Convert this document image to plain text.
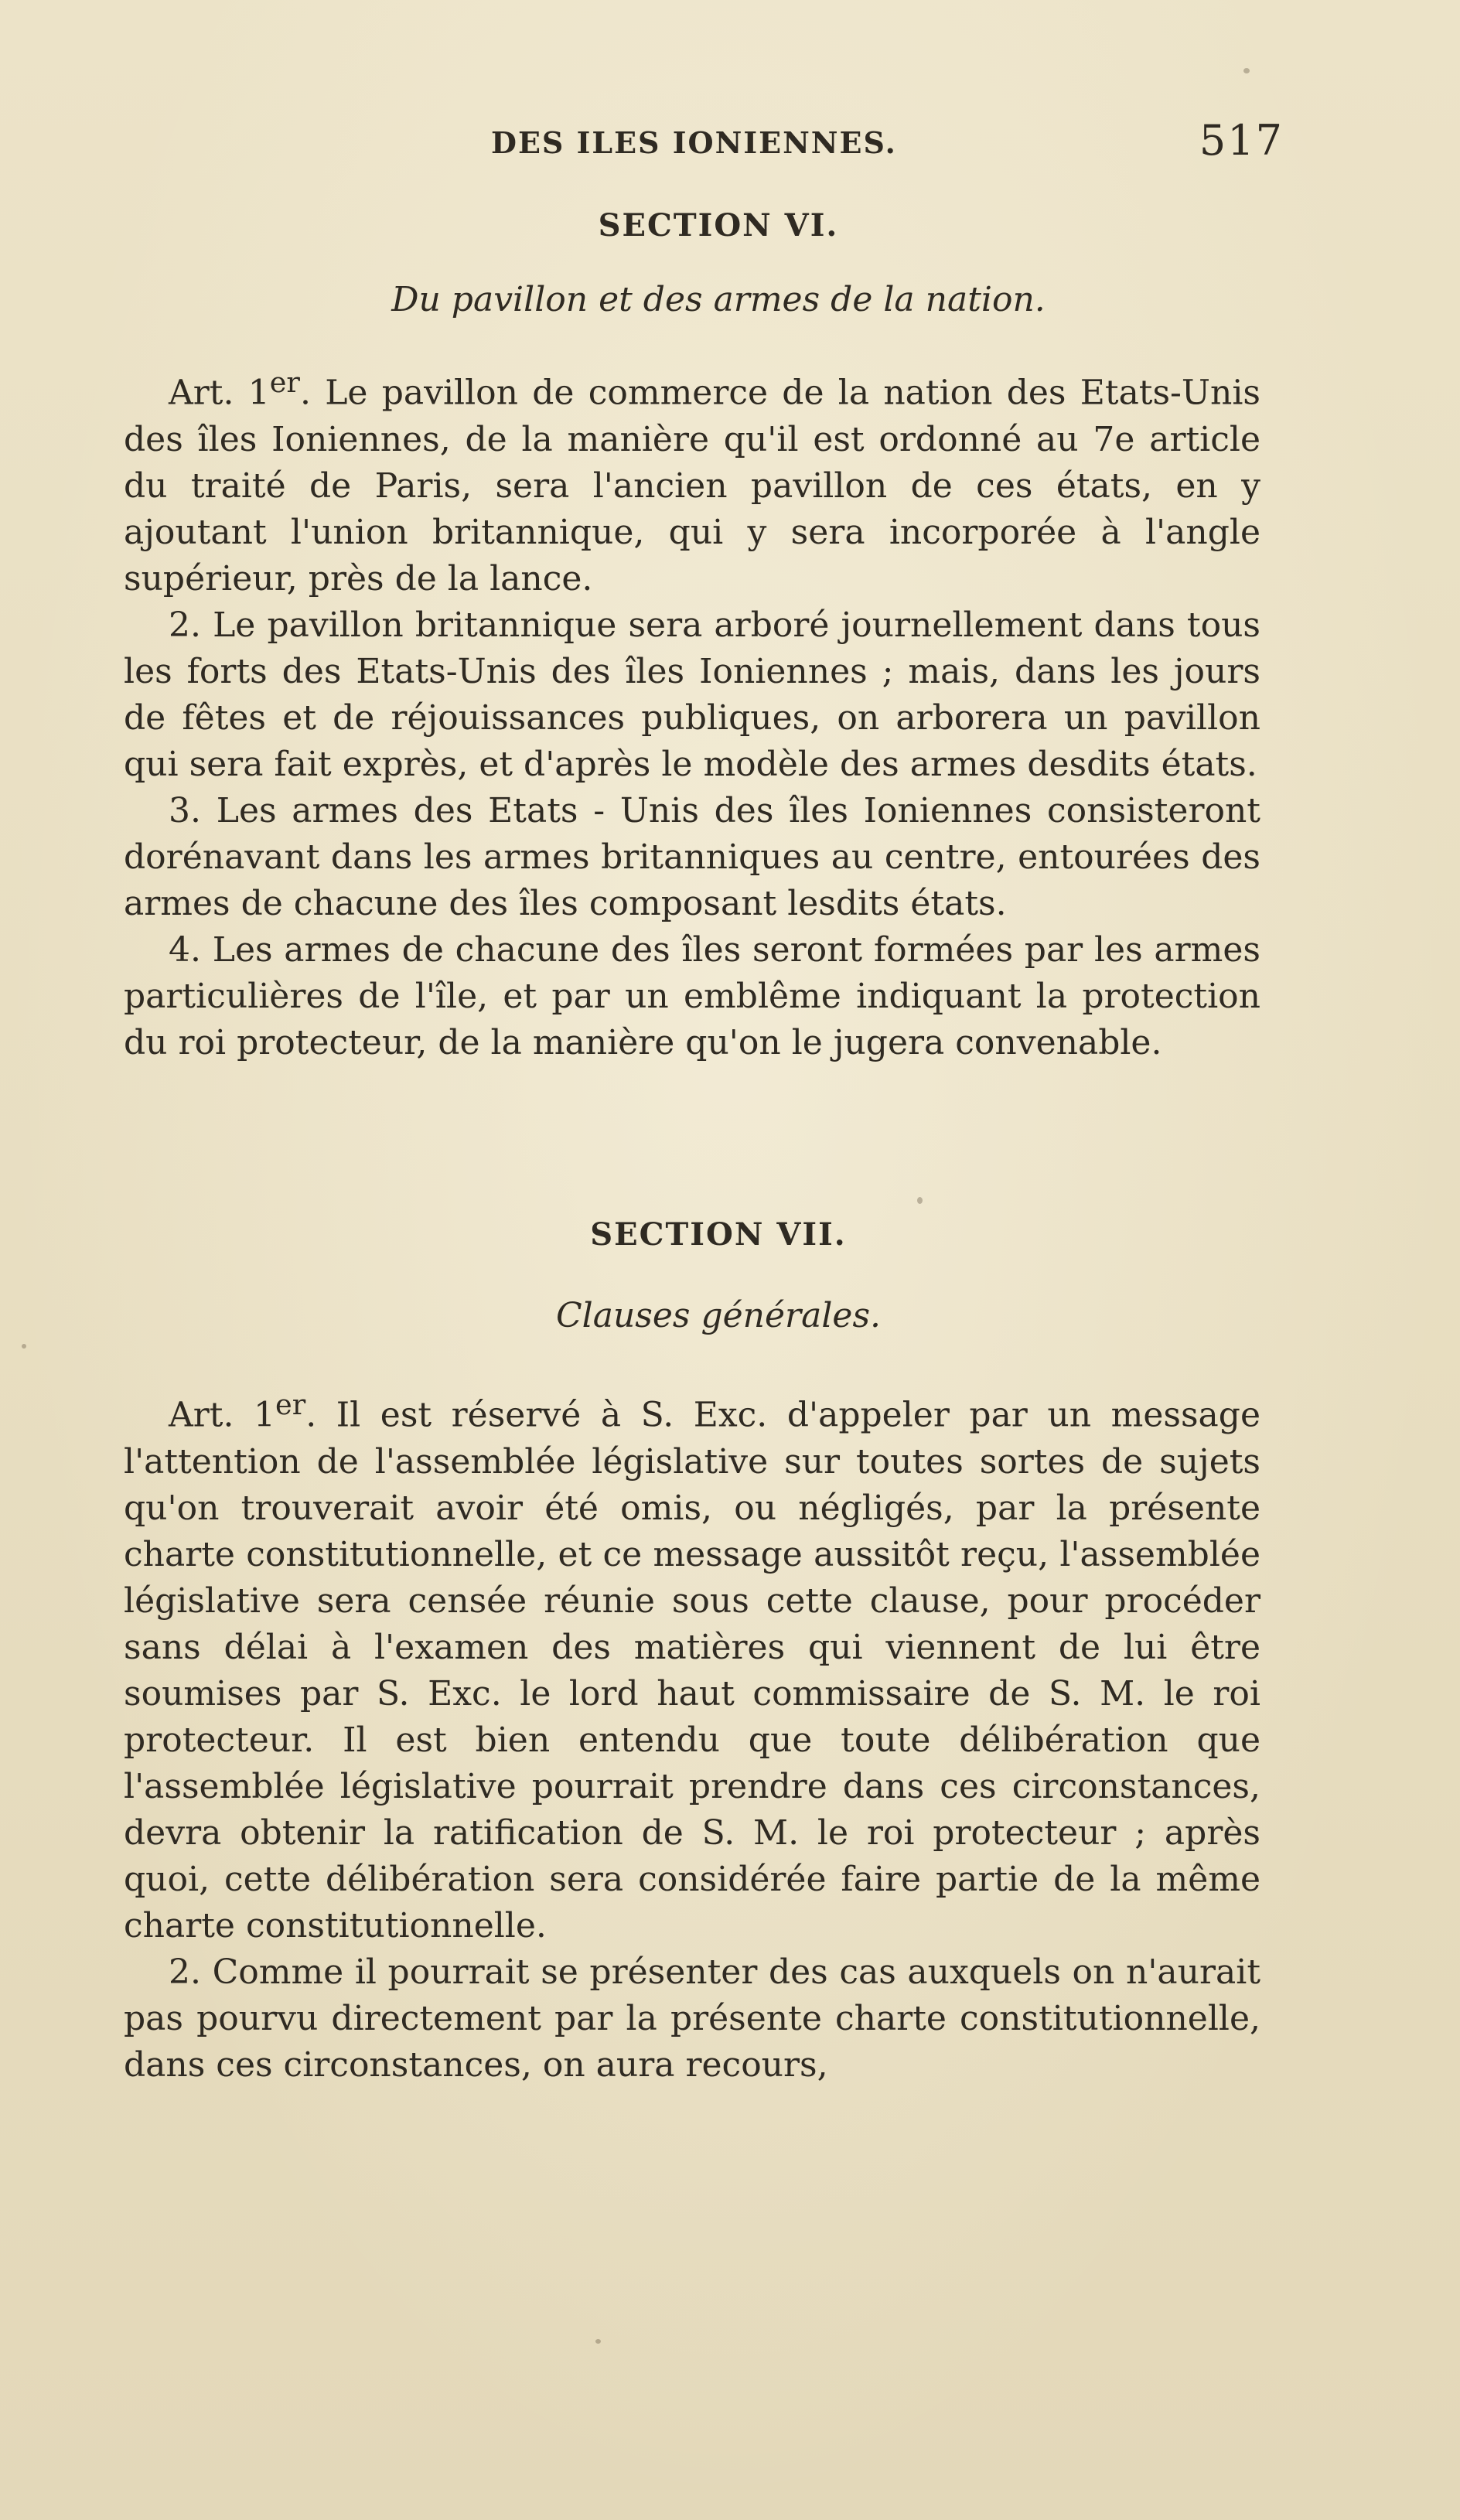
DES ILES IONIENNES.	517
SECTION VI.
Du pavillon et des armes de la nation.

Art. 1er. Le pavillon de commerce de la nation des Etats-Unis des îles Ioniennes, de la manière qu'il est ordonné au 7e article du traité de Paris, sera l'ancien pavillon de ces états, en y ajoutant l'union britannique, qui y sera incorporée à l'angle supérieur, près de la lance.

2. Le pavillon britannique sera arboré journellement dans tous les forts des Etats-Unis des îles Ioniennes ; mais, dans les jours de fêtes et de réjouissances publiques, on arborera un pavillon qui sera fait exprès, et d'après le modèle des armes desdits états.

3. Les armes des Etats - Unis des îles Ioniennes consisteront dorénavant dans les armes britanniques au centre, entourées des armes de chacune des îles composant lesdits états.

4. Les armes de chacune des îles seront formées par les armes particulières de l'île, et par un emblême indiquant la protection du roi protecteur, de la manière qu'on le jugera convenable.

SECTION VII.
Clauses générales.

Art. 1er. Il est réservé à S. Exc. d'appeler par un message l'attention de l'assemblée législative sur toutes sortes de sujets qu'on trouverait avoir été omis, ou négligés, par la présente charte constitutionnelle, et ce message aussitôt reçu, l'assemblée législative sera censée réunie sous cette clause, pour procéder sans délai à l'examen des matières qui viennent de lui être soumises par S. Exc. le lord haut commissaire de S. M. le roi protecteur. Il est bien entendu que toute délibération que l'assemblée législative pourrait prendre dans ces circonstances, devra obtenir la ratification de S. M. le roi protecteur ; après quoi, cette délibération sera considérée faire partie de la même charte constitutionnelle.

2. Comme il pourrait se présenter des cas auxquels on n'aurait pas pourvu directement par la présente charte constitutionnelle, dans ces circonstances, on aura recours,
